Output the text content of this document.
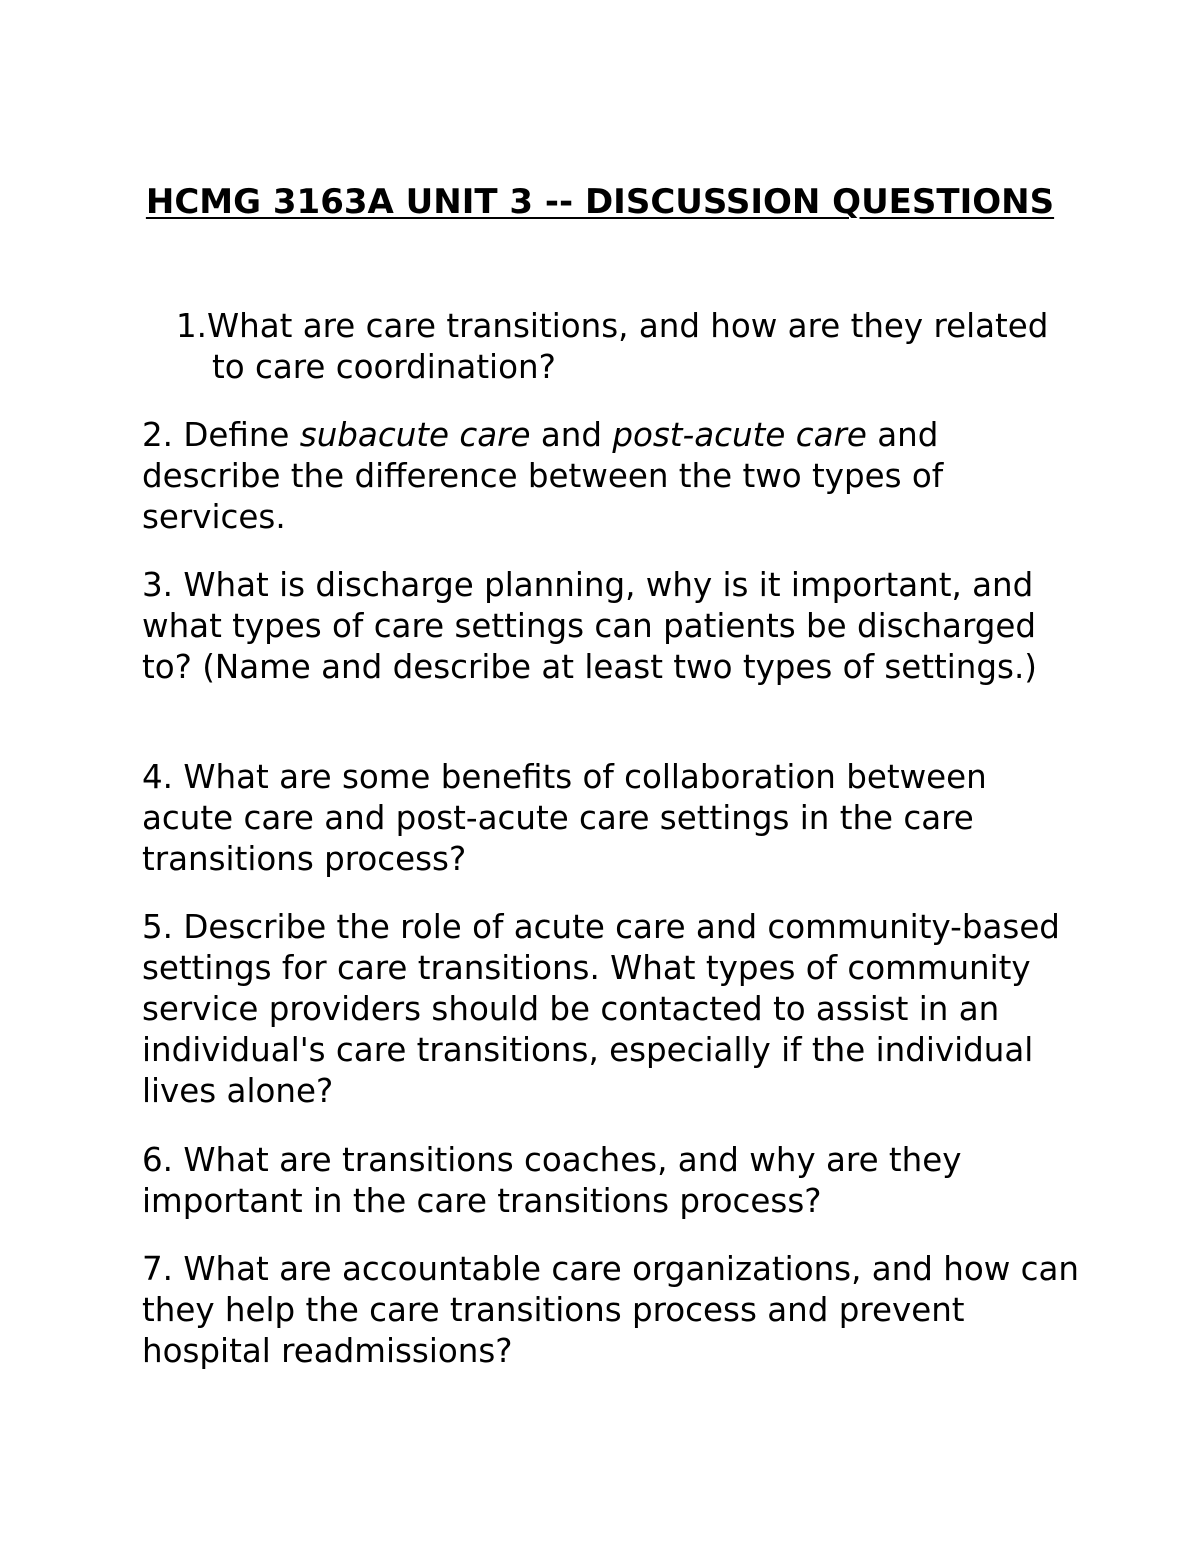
HCMG 3163A UNIT 3 -- DISCUSSION QUESTIONS

1.What are care transitions, and how are they related to care coordination?

2. Define subacute care and post-acute care and describe the difference between the two types of services.

3. What is discharge planning, why is it important, and what types of care settings can patients be discharged to? (Name and describe at least two types of settings.)

4. What are some benefits of collaboration between acute care and post-acute care settings in the care transitions process?

5. Describe the role of acute care and community-based settings for care transitions. What types of community service providers should be contacted to assist in an individual's care transitions, especially if the individual lives alone?

6. What are transitions coaches, and why are they important in the care transitions process?

7. What are accountable care organizations, and how can they help the care transitions process and prevent hospital readmissions?
